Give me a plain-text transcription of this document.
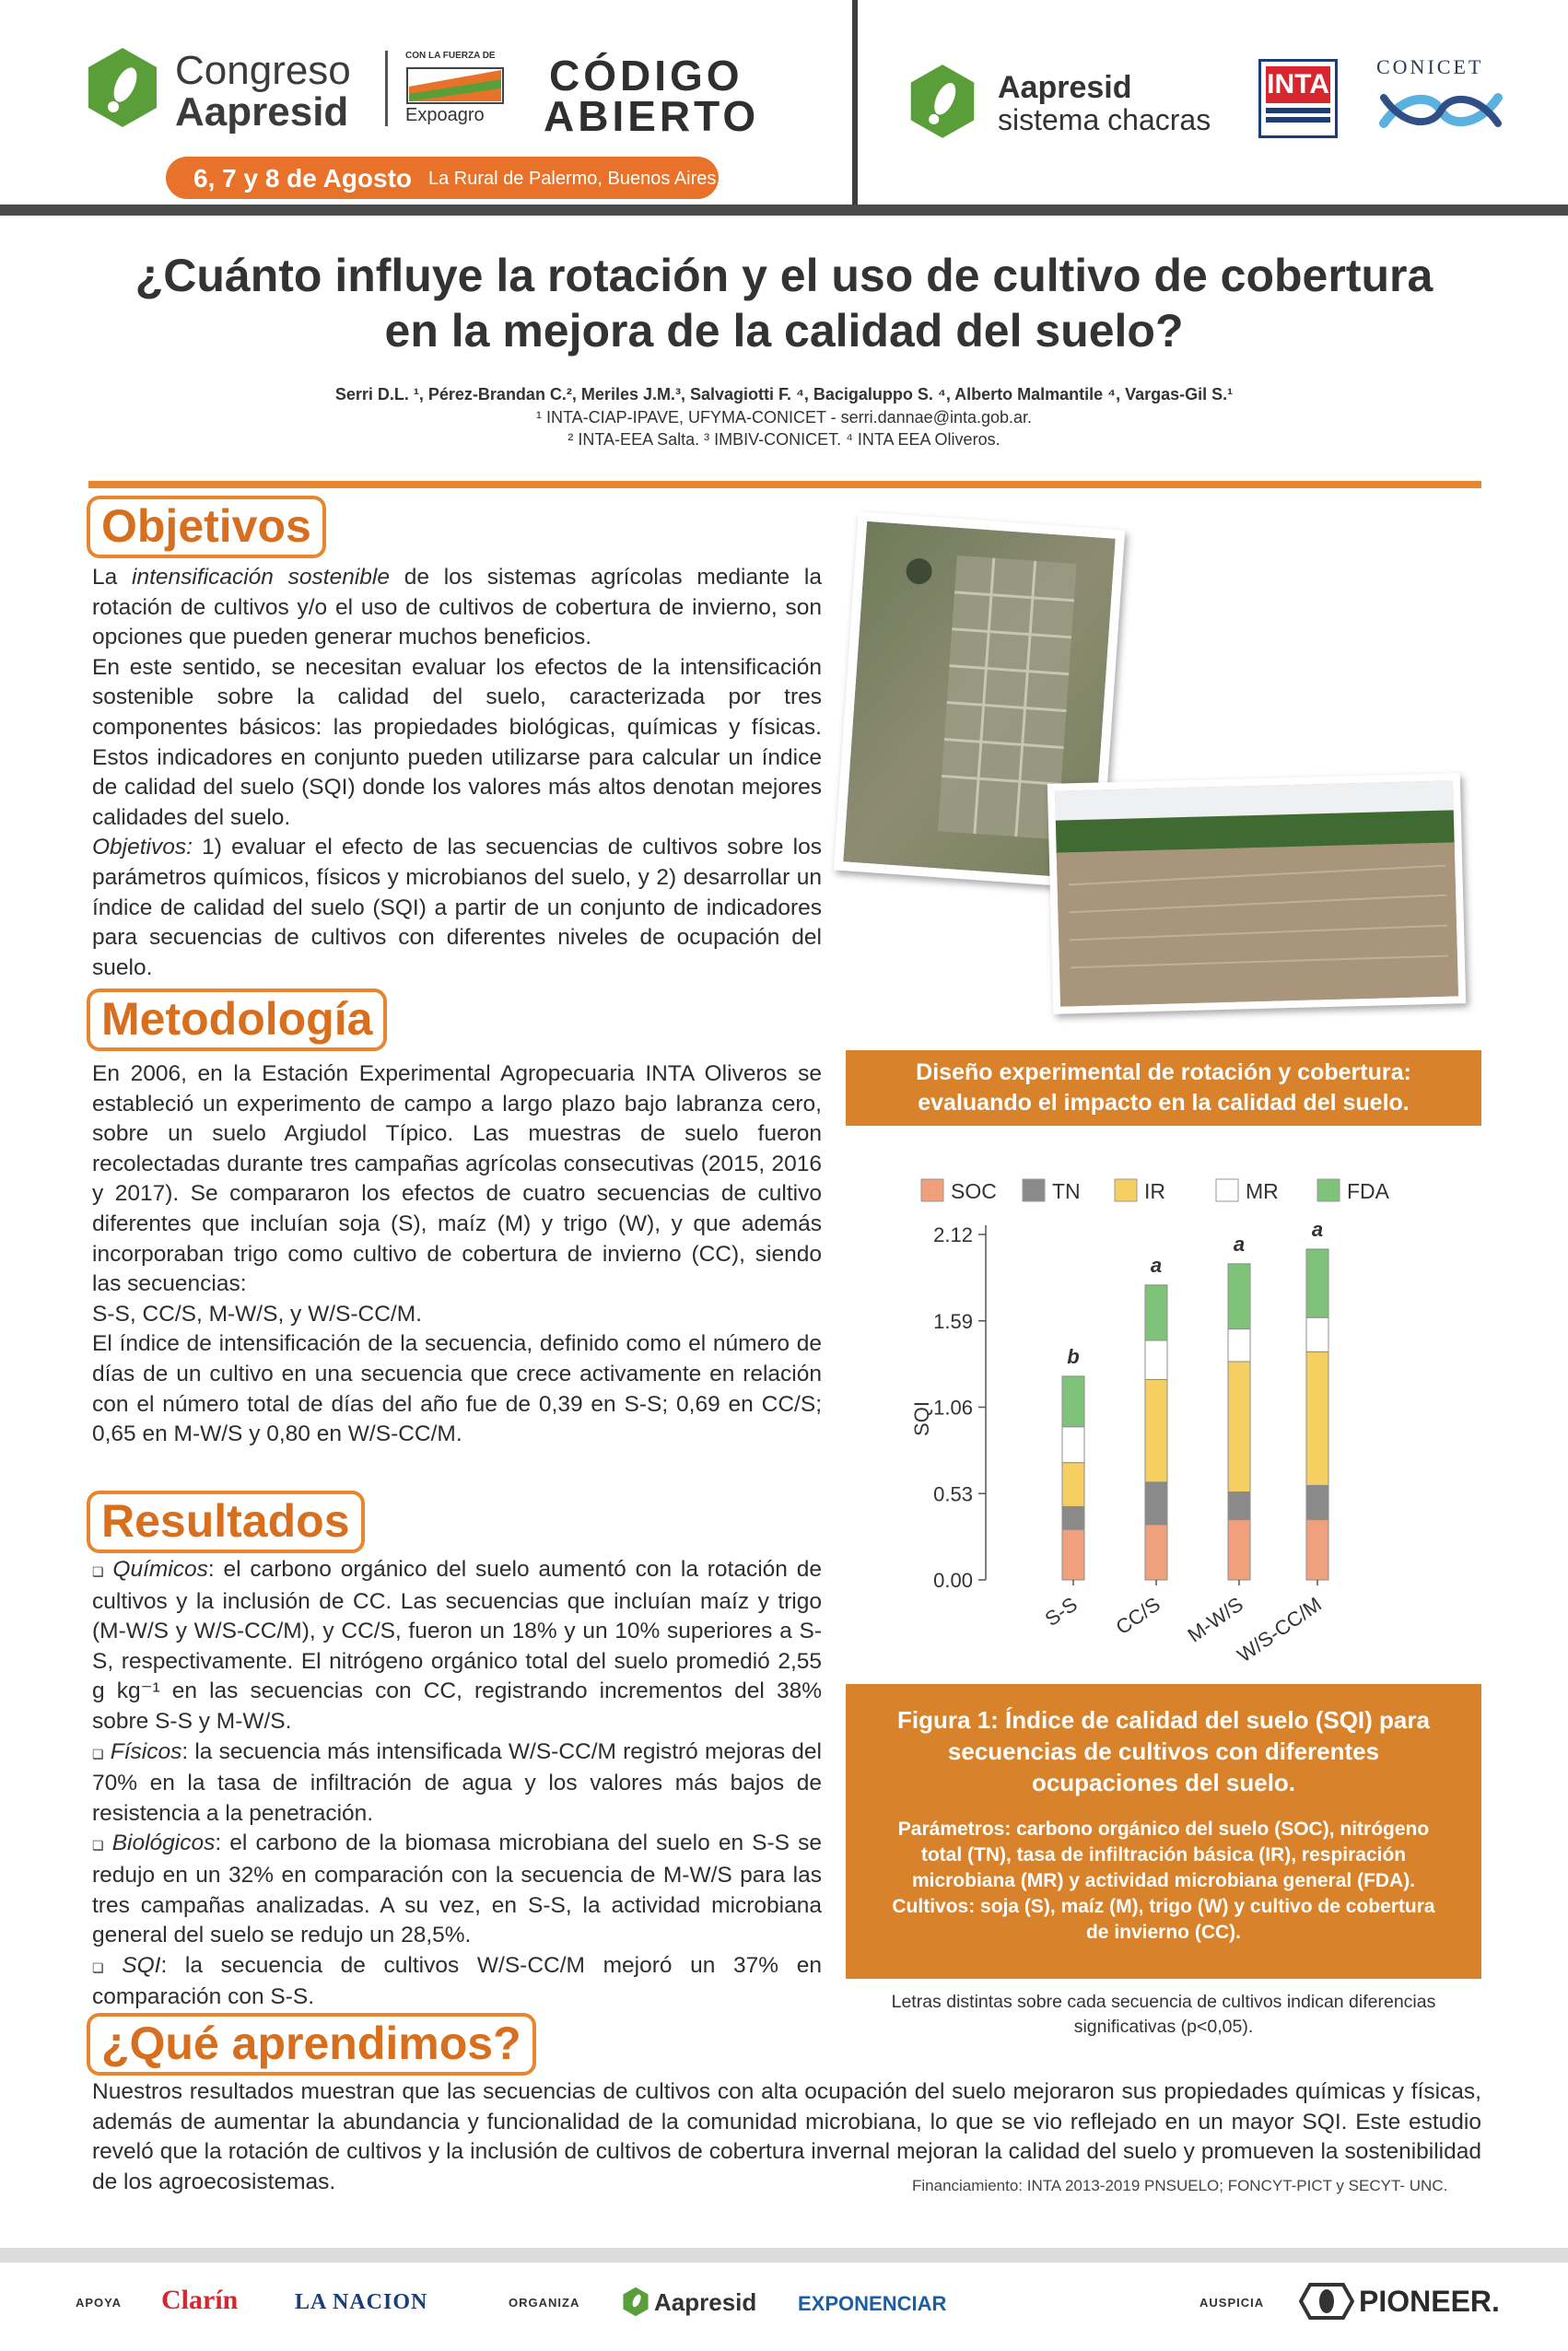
Congreso
Aapresid
CON LA FUERZA DE
Expoagro
CÓDIGO
ABIERTO
6, 7 y 8 de Agosto La Rural de Palermo, Buenos Aires
Aapresid
sistema chacras
INTA
CONICET
¿Cuánto influye la rotación y el uso de cultivo de cobertura
en la mejora de la calidad del suelo?
Serri D.L. ¹, Pérez-Brandan C.², Meriles J.M.³, Salvagiotti F. ⁴, Bacigaluppo S. ⁴, Alberto Malmantile ⁴, Vargas-Gil S.¹
¹ INTA-CIAP-IPAVE, UFYMA-CONICET - serri.dannae@inta.gob.ar.
² INTA-EEA Salta. ³ IMBIV-CONICET. ⁴ INTA EEA Oliveros.
Objetivos

La intensificación sostenible de los sistemas agrícolas mediante la rotación de cultivos y/o el uso de cultivos de cobertura de invierno, son opciones que pueden generar muchos beneficios.

En este sentido, se necesitan evaluar los efectos de la intensificación sostenible sobre la calidad del suelo, caracterizada por tres componentes básicos: las propiedades biológicas, químicas y físicas. Estos indicadores en conjunto pueden utilizarse para calcular un índice de calidad del suelo (SQI) donde los valores más altos denotan mejores calidades del suelo.

Objetivos: 1) evaluar el efecto de las secuencias de cultivos sobre los parámetros químicos, físicos y microbianos del suelo, y 2) desarrollar un índice de calidad del suelo (SQI) a partir de un conjunto de indicadores para secuencias de cultivos con diferentes niveles de ocupación del suelo.

Metodología

En 2006, en la Estación Experimental Agropecuaria INTA Oliveros se estableció un experimento de campo a largo plazo bajo labranza cero, sobre un suelo Argiudol Típico. Las muestras de suelo fueron recolectadas durante tres campañas agrícolas consecutivas (2015, 2016 y 2017). Se compararon los efectos de cuatro secuencias de cultivo diferentes que incluían soja (S), maíz (M) y trigo (W), y que además incorporaban trigo como cultivo de cobertura de invierno (CC), siendo las secuencias:

S-S, CC/S, M-W/S, y W/S-CC/M.

El índice de intensificación de la secuencia, definido como el número de días de un cultivo en una secuencia que crece activamente en relación con el número total de días del año fue de 0,39 en S-S; 0,69 en CC/S; 0,65 en M-W/S y 0,80 en W/S-CC/M.

Diseño experimental de rotación y cobertura:
evaluando el impacto en la calidad del suelo.
SOC	TN	IR	MR	FDA
0.00
0.53
1.06
1.59
2.12
SQI
b
S-S
a
CC/S
a
M-W/S
a
W/S-CC/M
Figura 1: Índice de calidad del suelo (SQI) para
secuencias de cultivos con diferentes
ocupaciones del suelo.
Parámetros: carbono orgánico del suelo (SOC), nitrógeno
total (TN), tasa de infiltración básica (IR), respiración
microbiana (MR) y actividad microbiana general (FDA).
Cultivos: soja (S), maíz (M), trigo (W) y cultivo de cobertura
de invierno (CC).
Letras distintas sobre cada secuencia de cultivos indican diferencias
significativas (p<0,05).
Resultados

❏ Químicos: el carbono orgánico del suelo aumentó con la rotación de cultivos y la inclusión de CC. Las secuencias que incluían maíz y trigo (M-W/S y W/S-CC/M), y CC/S, fueron un 18% y un 10% superiores a S-S, respectivamente. El nitrógeno orgánico total del suelo promedió 2,55 g kg⁻¹ en las secuencias con CC, registrando incrementos del 38% sobre S-S y M-W/S.

❏ Físicos: la secuencia más intensificada W/S-CC/M registró mejoras del 70% en la tasa de infiltración de agua y los valores más bajos de resistencia a la penetración.

❏ Biológicos: el carbono de la biomasa microbiana del suelo en S-S se redujo en un 32% en comparación con la secuencia de M-W/S para las tres campañas analizadas. A su vez, en S-S, la actividad microbiana general del suelo se redujo un 28,5%.

❏ SQI: la secuencia de cultivos W/S-CC/M mejoró un 37% en comparación con S-S.

¿Qué aprendimos?
Nuestros resultados muestran que las secuencias de cultivos con alta ocupación del suelo mejoraron sus propiedades químicas y físicas, además de aumentar la abundancia y funcionalidad de la comunidad microbiana, lo que se vio reflejado en un mayor SQI. Este estudio reveló que la rotación de cultivos y la inclusión de cultivos de cobertura invernal mejoran la calidad del suelo y promueven la sostenibilidad de los agroecosistemas.	Financiamiento: INTA 2013-2019 PNSUELO; FONCYT-PICT y SECYT- UNC.
APOYA Clarín	LA NACION	ORGANIZA	Aapresid EXPONENCIAR	AUSPICIA	PIONEER.
